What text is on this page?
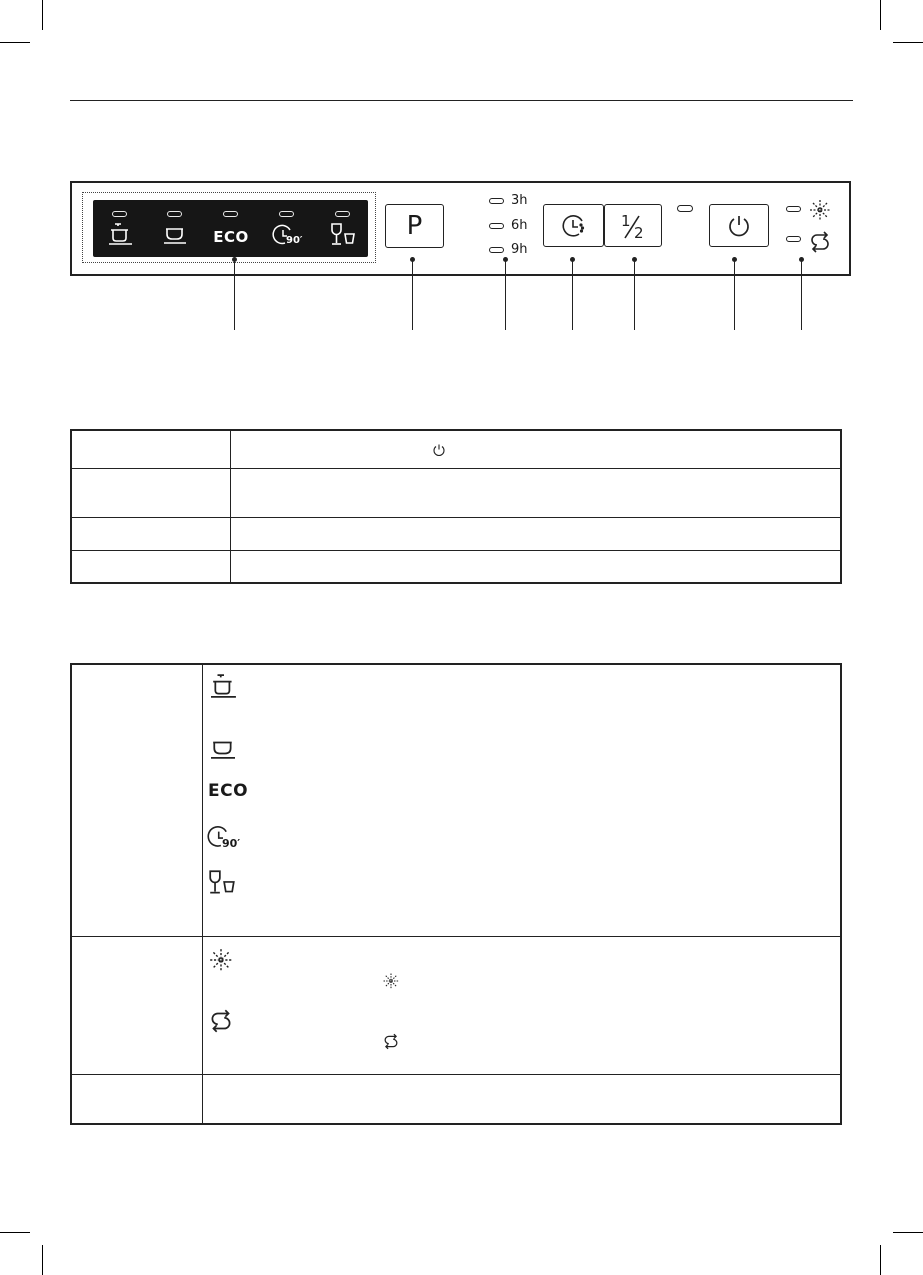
ECO	90′	P
3h
6h
9h
1
2

ECO
90′
